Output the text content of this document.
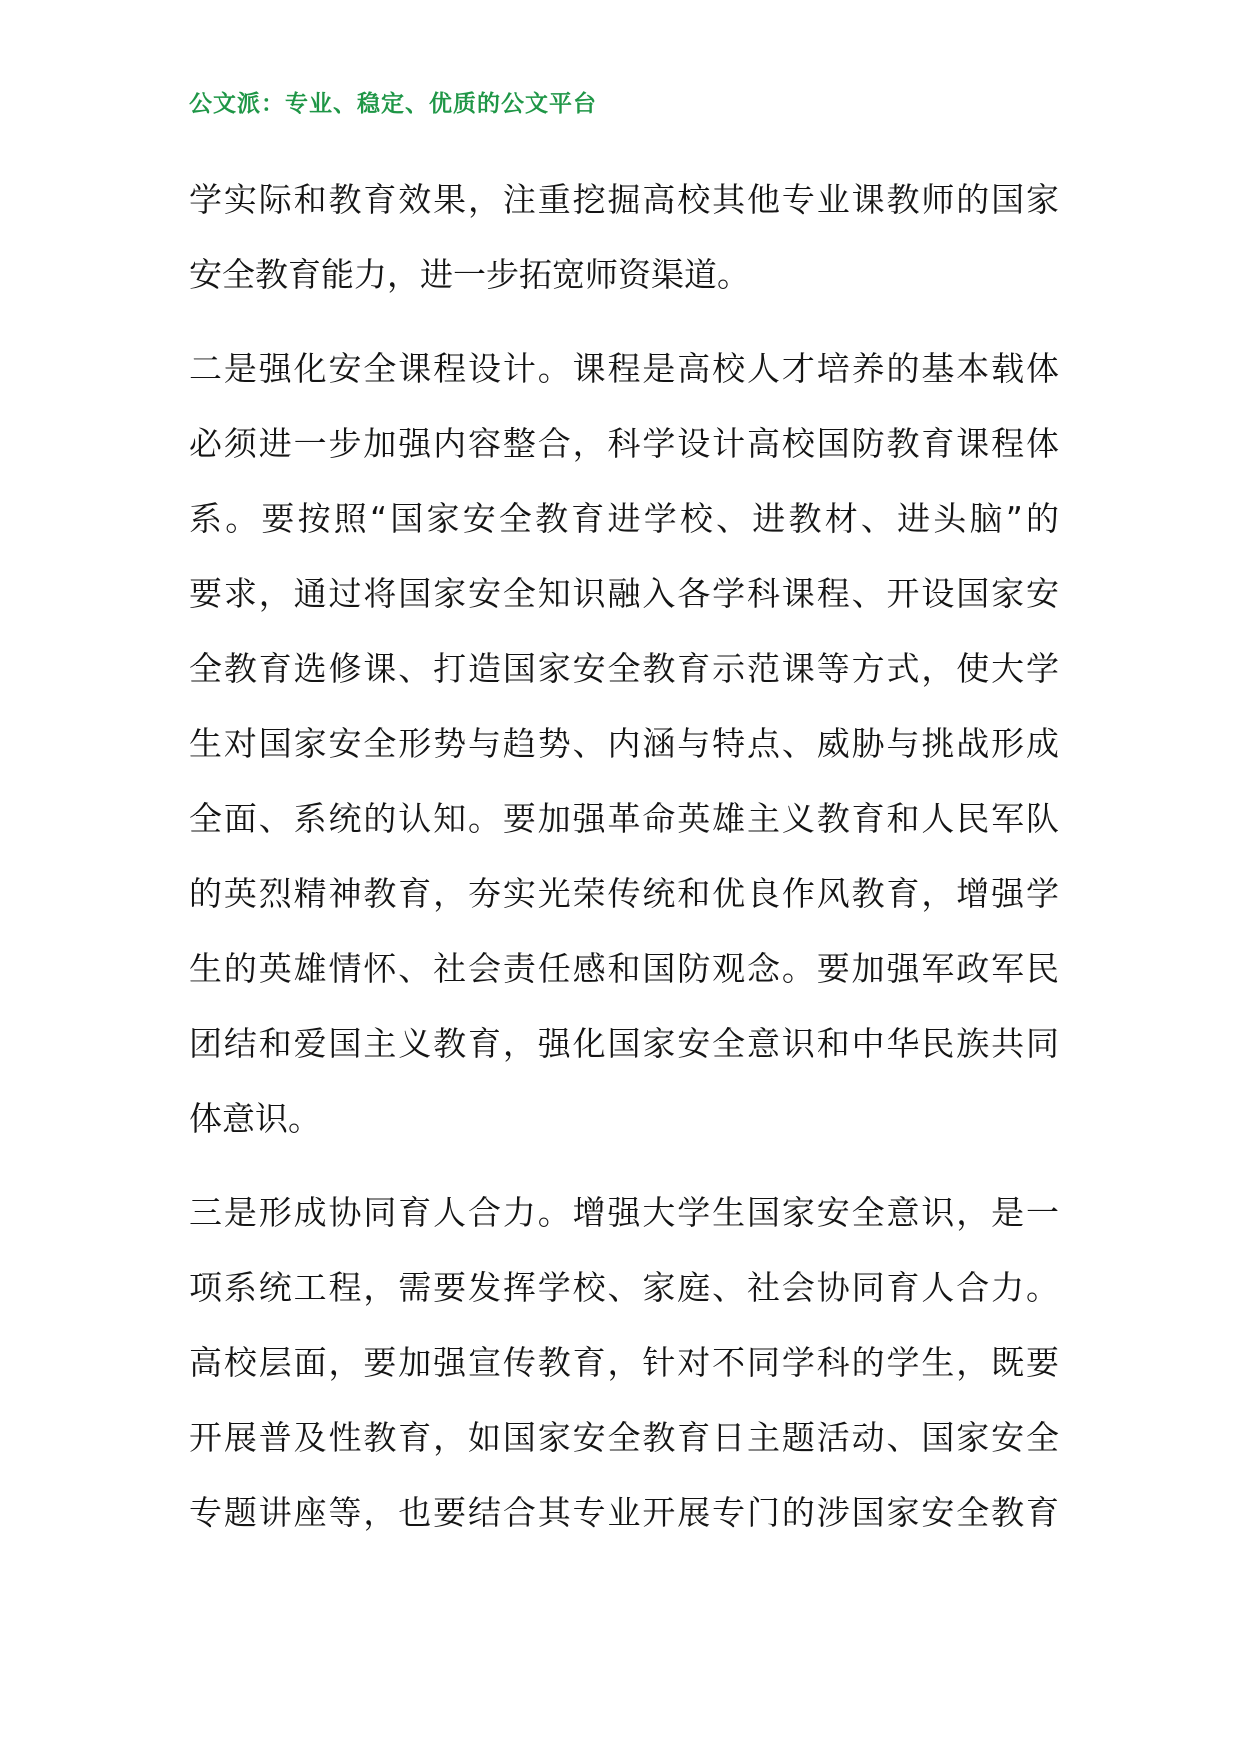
公文派：专业、稳定、优质的公文平台
学实际和教育效果，注重挖掘高校其他专业课教师的国家
安全教育能力，进一步拓宽师资渠道。
二是强化安全课程设计。课程是高校人才培养的基本载体
必须进一步加强内容整合，科学设计高校国防教育课程体
系。要按照“国家安全教育进学校、进教材、进头脑”的
要求，通过将国家安全知识融入各学科课程、开设国家安
全教育选修课、打造国家安全教育示范课等方式，使大学
生对国家安全形势与趋势、内涵与特点、威胁与挑战形成
全面、系统的认知。要加强革命英雄主义教育和人民军队
的英烈精神教育，夯实光荣传统和优良作风教育，增强学
生的英雄情怀、社会责任感和国防观念。要加强军政军民
团结和爱国主义教育，强化国家安全意识和中华民族共同
体意识。
三是形成协同育人合力。增强大学生国家安全意识，是一
项系统工程，需要发挥学校、家庭、社会协同育人合力。
高校层面，要加强宣传教育，针对不同学科的学生，既要
开展普及性教育，如国家安全教育日主题活动、国家安全
专题讲座等，也要结合其专业开展专门的涉国家安全教育
